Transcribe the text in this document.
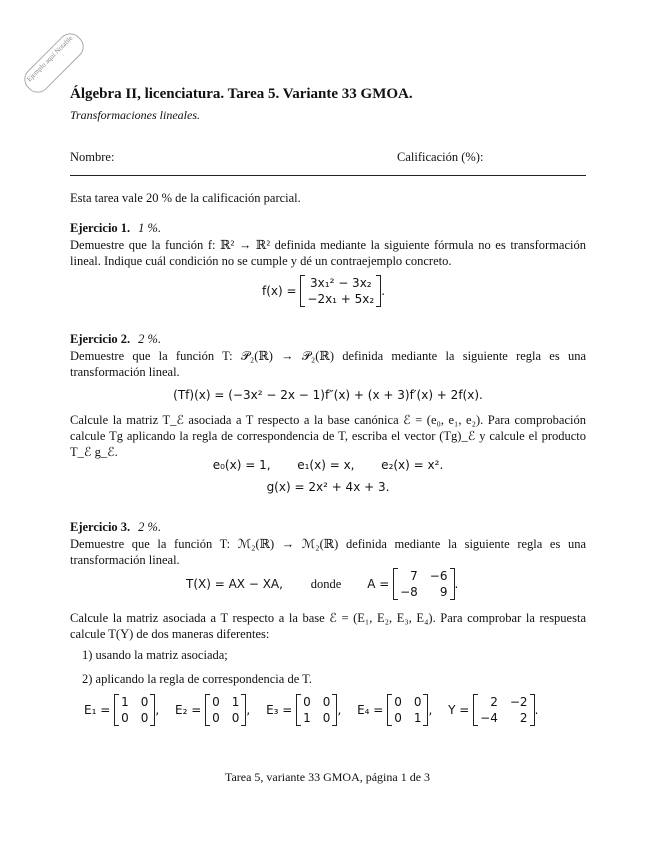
Ejemplo aquí Notable
Álgebra II, licenciatura. Tarea 5. Variante 33 GMOA.
Transformaciones lineales.
Nombre:	Calificación (%):
Esta tarea vale 20 % de la calificación parcial.
Ejercicio 1. 1 %.
Demuestre que la función f: ℝ² → ℝ² definida mediante la siguiente fórmula no es transformación lineal. Indique cuál condición no se cumple y dé un contraejemplo concreto.
f(x) =
3x₁² − 3x₂
−2x₁ + 5x₂
.
Ejercicio 2. 2 %.
Demuestre que la función T: 𝒫₂(ℝ) → 𝒫₂(ℝ) definida mediante la siguiente regla es una transformación lineal.
(Tf)(x) = (−3x² − 2x − 1)f″(x) + (x + 3)f′(x) + 2f(x).
Calcule la matriz T_ℰ asociada a T respecto a la base canónica ℰ = (e₀, e₁, e₂). Para comprobación calcule Tg aplicando la regla de correspondencia de T, escriba el vector (Tg)_ℰ y calcule el producto T_ℰ g_ℰ.
e₀(x) = 1,       e₁(x) = x,       e₂(x) = x².
g(x) = 2x² + 4x + 3.
Ejercicio 3. 2 %.
Demuestre que la función T: ℳ₂(ℝ) → ℳ₂(ℝ) definida mediante la siguiente regla es una transformación lineal.
T(X) = AX − XA, donde A =
7	−6
−8	9
.
Calcule la matriz asociada a T respecto a la base ℰ = (E₁, E₂, E₃, E₄). Para comprobar la respuesta calcule T(Y) de dos maneras diferentes:
1) usando la matriz asociada;
2) aplicando la regla de correspondencia de T.
E₁ =
1	0
0	0
, E₂ =
0	1
0	0
, E₃ =
0	0
1	0
, E₄ =
0	0
0	1
, Y =
2	−2
−4	2
.
Tarea 5, variante 33 GMOA, página 1 de 3
